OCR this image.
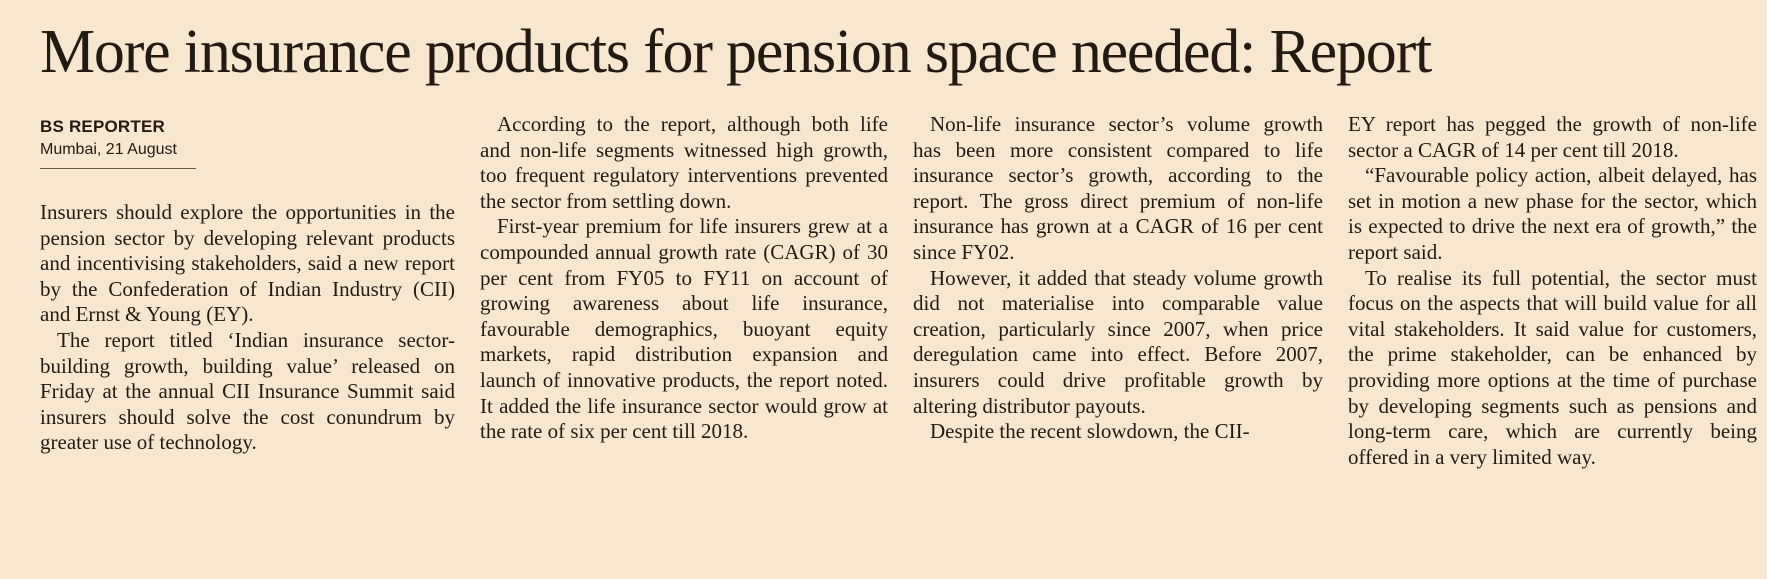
More insurance products for pension space needed: Report
BS REPORTER
Mumbai, 21 August

Insurers should explore the opportunities in the pension sector by developing relevant products and incentivising stakeholders, said a new report by the Confederation of Indian Industry (CII) and Ernst & Young (EY).

The report titled ‘Indian insurance sector-building growth, building value’ released on Friday at the annual CII Insurance Summit said insurers should solve the cost conundrum by greater use of technology.

According to the report, although both life and non-life segments witnessed high growth, too frequent regulatory interventions prevented the sector from settling down.

First-year premium for life insurers grew at a compounded annual growth rate (CAGR) of 30 per cent from FY05 to FY11 on account of growing awareness about life insurance, favourable demographics, buoyant equity markets, rapid distribution expansion and launch of innovative products, the report noted. It added the life insurance sector would grow at the rate of six per cent till 2018.

Non-life insurance sector’s volume growth has been more consistent compared to life insurance sector’s growth, according to the report. The gross direct premium of non-life insurance has grown at a CAGR of 16 per cent since FY02.

However, it added that steady volume growth did not materialise into comparable value creation, particularly since 2007, when price deregulation came into effect. Before 2007, insurers could drive profitable growth by altering distributor payouts.

Despite the recent slowdown, the CII-

EY report has pegged the growth of non-life sector a CAGR of 14 per cent till 2018.

“Favourable policy action, albeit delayed, has set in motion a new phase for the sector, which is expected to drive the next era of growth,” the report said.

To realise its full potential, the sector must focus on the aspects that will build value for all vital stakeholders. It said value for customers, the prime stakeholder, can be enhanced by providing more options at the time of purchase by developing segments such as pensions and long-term care, which are currently being offered in a very limited way.
